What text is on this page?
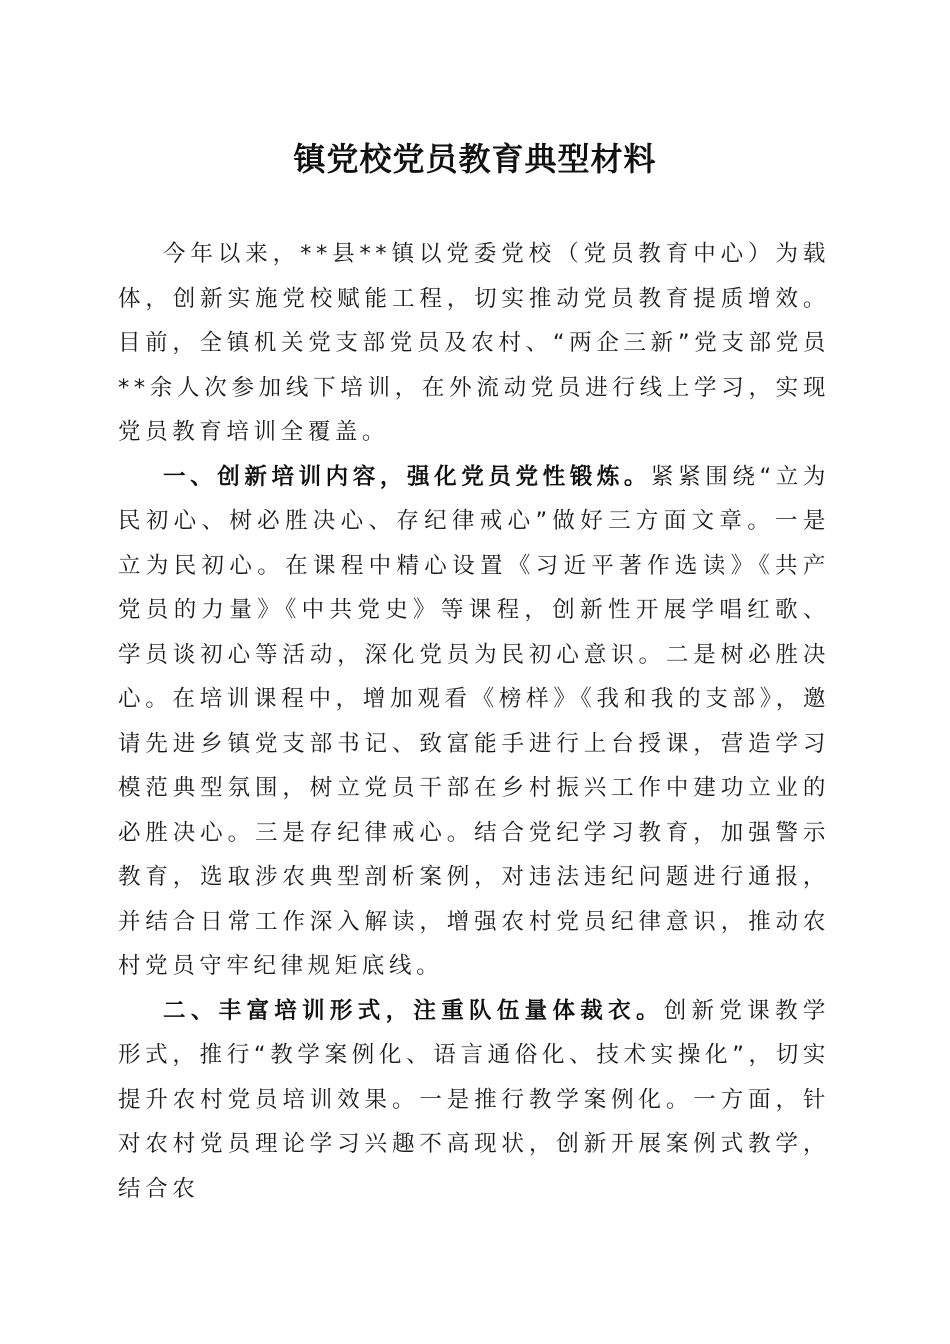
镇党校党员教育典型材料

今年以来，**县**镇以党委党校（党员教育中心）为载体，创新实施党校赋能工程，切实推动党员教育提质增效。目前，全镇机关党支部党员及农村、“两企三新”党支部党员**余人次参加线下培训，在外流动党员进行线上学习，实现党员教育培训全覆盖。

一、创新培训内容，强化党员党性锻炼。紧紧围绕“立为民初心、树必胜决心、存纪律戒心”做好三方面文章。一是立为民初心。在课程中精心设置《习近平著作选读》《共产党员的力量》《中共党史》等课程，创新性开展学唱红歌、学员谈初心等活动，深化党员为民初心意识。二是树必胜决心。在培训课程中，增加观看《榜样》《我和我的支部》，邀请先进乡镇党支部书记、致富能手进行上台授课，营造学习模范典型氛围，树立党员干部在乡村振兴工作中建功立业的必胜决心。三是存纪律戒心。结合党纪学习教育，加强警示教育，选取涉农典型剖析案例，对违法违纪问题进行通报，并结合日常工作深入解读，增强农村党员纪律意识，推动农村党员守牢纪律规矩底线。

二、丰富培训形式，注重队伍量体裁衣。创新党课教学形式，推行“教学案例化、语言通俗化、技术实操化”，切实提升农村党员培训效果。一是推行教学案例化。一方面，针对农村党员理论学习兴趣不高现状，创新开展案例式教学，结合农
